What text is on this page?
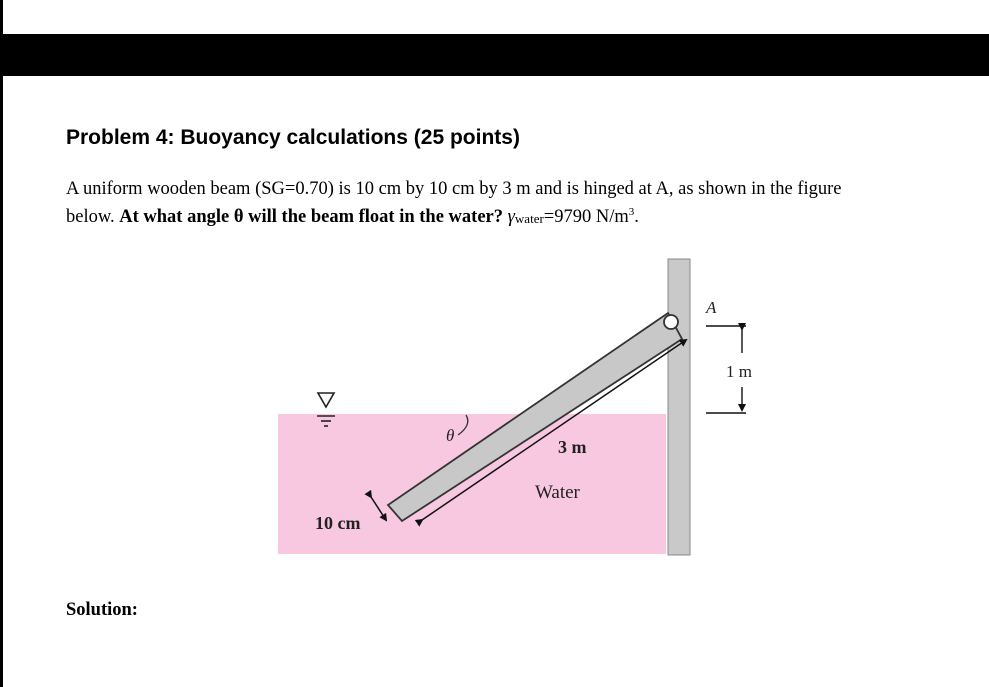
Problem 4: Buoyancy calculations (25 points)
A uniform wooden beam (SG=0.70) is 10 cm by 10 cm by 3 m and is hinged at A, as shown in the figure
below. At what angle θ will the beam float in the water? $\gamma_{water}=9790$ $N/m^3$.
A
1 m
θ
3 m
Water
10 cm
Solution:
